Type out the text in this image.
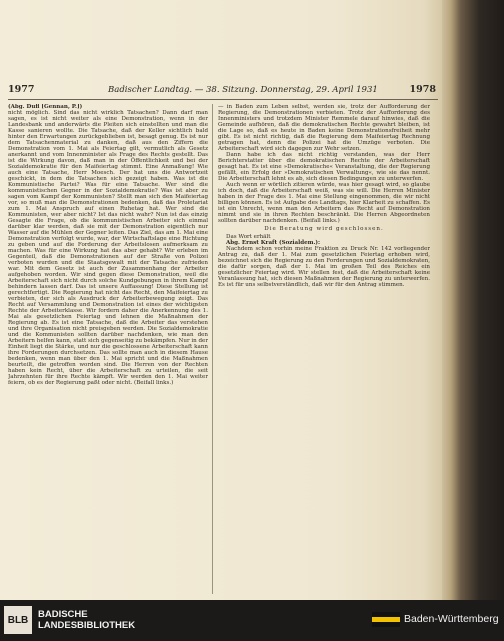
1977	Badischer Landtag. — 38. Sitzung. Donnerstag, 29. April 1931	1978

(Abg. Dufl [Gennan, P.])

nicht möglich. Sind das nicht wirklich Tatsachen? Dann darf man sagen, es ist nicht weiter als eine Demonstration, wenn in der Landesbank und anderwärts die Pleiten sich einstellten und man die Kasse sanieren wollte. Die Tatsache, daß der Keller sichtlich bald hinter den Erwartungen zurückgeblieben ist, besagt genug. Es ist nur dem Tatsachenmaterial zu danken, daß aus den Ziffern die Demonstration vom 1. Mai als Feiertag gilt, vermutlich als Gesetz anerkannt und vom Innenminister als Frage des Rechts gestellt. Das ist die Wirkung davon, daß man in der Öffentlichkeit und bei der Sozialdemokratie für den Maifeiertag stimmt. Eine Anmaßung! Wie auch eine Tatsache, Herr Moesch. Der hat uns die Antwortzeit geschickt, in dem die Tatsachen sich gezeigt haben. Was ist die Kommunistische Partei? Was für eine Tatsache. Wer sind die kommunistischen Gegner in der Sozialdemokratie? Was ist aber zu sagen vom Kampf der Kommunisten? Stellt man sich den Maifeiertag vor, so muß man die Demonstrationen bedenken, daß das Proletariat zum 1. Mai Anspruch auf einen Ruhetag hat. Wer sind die Kommunisten, wer aber nicht? Ist das nicht wahr? Nun ist das einzig Gesagte die Frage, ob die kommunistischen Arbeiter sich einmal darüber klar werden, daß sie mit der Demonstration eigentlich nur Wasser auf die Mühlen der Gegner leiten. Das Ziel, das am 1. Mai eine Demonstration verfolgt wurde, war, der Wirtschaftslage eine Richtung zu geben und auf die Forderung der Arbeitslosen aufmerksam zu machen. Was für eine Wirkung hat das aber gehabt? Wir erleben im Gegenteil, daß die Demonstrationen auf der Straße von Polizei verboten wurden und die Staatsgewalt mit der Tatsache zufrieden war. Mit dem Gesetz ist auch der Zusammenhang der Arbeiter aufgehoben worden. Wir sind gegen diese Demonstration, weil die Arbeiterschaft sich nicht durch solche Kundgebungen in ihrem Kampf behindern lassen darf. Das ist unsere Auffassung! Diese Stellung ist gerechtfertigt. Die Regierung hat nicht das Recht, den Maifeiertag zu verbieten, der sich als Ausdruck der Arbeiterbewegung zeigt. Das Recht auf Versammlung und Demonstration ist eines der wichtigsten Rechte der Arbeiterklasse. Wir fordern daher die Anerkennung des 1. Mai als gesetzlichen Feiertag und lehnen die Maßnahmen der Regierung ab. Es ist eine Tatsache, daß die Arbeiter das verstehen und ihre Organisation nicht preisgeben werden. Die Sozialdemokratie und die Kommunisten sollten darüber nachdenken, wie man den Arbeitern helfen kann, statt sich gegenseitig zu bekämpfen. Nur in der Einheit liegt die Stärke, und nur die geschlossene Arbeiterschaft kann ihre Forderungen durchsetzen. Das sollte man auch in diesem Hause bedenken, wenn man über den 1. Mai spricht und die Maßnahmen beurteilt, die getroffen worden sind. Die Herren von der Rechten haben kein Recht, über die Arbeiterschaft zu urteilen, die seit Jahrzehnten für ihre Rechte kämpft. Wir werden den 1. Mai weiter feiern, ob es der Regierung paßt oder nicht. (Beifall links.)

— in Baden zum Leben selbst, werden sie, trotz der Aufforderung der Regierung, die Demonstrationen verbieten. Trotz der Aufforderung des Innenministers und trotzdem Minister Remmele darauf hinwies, daß die Gemeinde aufhören, daß die demokratischen Rechte gewahrt bleiben, ist die Lage so, daß es heute in Baden keine Demonstrationsfreiheit mehr gibt. Es ist nicht richtig, daß die Regierung dem Maifeiertag Rechnung getragen hat, denn die Polizei hat die Umzüge verboten. Die Arbeiterschaft wird sich dagegen zur Wehr setzen.

Dann habe ich das nicht richtig verstanden, was der Herr Berichterstatter über die demokratischen Rechte der Arbeiterschaft gesagt hat. Es ist eine »Demokratische« Veranstaltung, die der Regierung gefällt, ein Erfolg der »Demokratischen Verwaltung«, wie sie das nennt. Die Arbeiterschaft lehnt es ab, sich diesen Bedingungen zu unterwerfen.

Auch wenn er wörtlich zitieren würde, was hier gesagt wird, so glaube ich doch, daß die Arbeiterschaft weiß, was sie will. Die Herren Minister haben in der Frage des 1. Mai eine Stellung eingenommen, die wir nicht billigen können. Es ist Aufgabe des Landtags, hier Klarheit zu schaffen. Es ist ein Unrecht, wenn man den Arbeitern das Recht auf Demonstration nimmt und sie in ihren Rechten beschränkt. Die Herren Abgeordneten sollten darüber nachdenken. (Beifall links.)

Die Beratung wird geschlossen.

Das Wort erhält

Abg. Ernst Kraft (Sozialdem.):

Nachdem schon vorhin meine Fraktion zu Druck Nr. 142 vorliegender Antrag zu, daß der 1. Mai zum gesetzlichen Feiertag erhoben wird, bezeichnet sich die Regierung zu den Forderungen und Sozialdemokraten, die dafür sorgen, daß der 1. Mai im großen Teil des Reiches ein gesetzlicher Feiertag wird. Wir stellen fest, daß die Arbeiterschaft keine Veranlassung hat, sich diesen Maßnahmen der Regierung zu unterwerfen. Es ist für uns selbstverständlich, daß wir für den Antrag stimmen.

BLB	BADISCHE
LANDESBIBLIOTHEK
Baden-Württemberg
